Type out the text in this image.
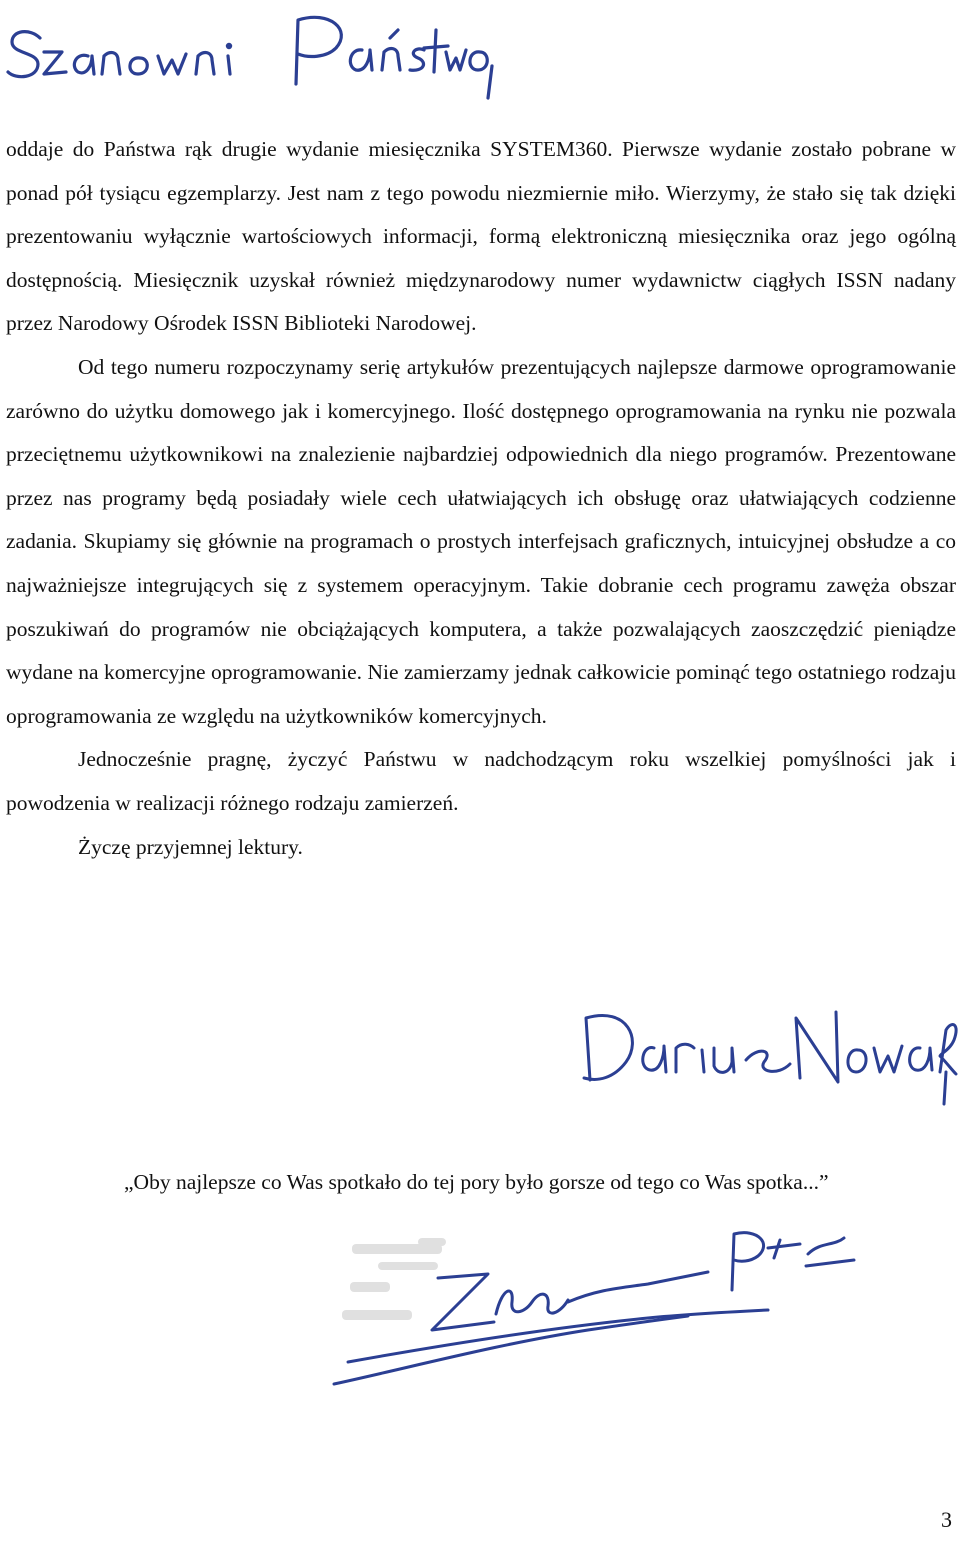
oddaje do Państwa rąk drugie wydanie miesięcznika SYSTEM360. Pierwsze wydanie zostało pobrane w ponad pół tysiącu egzemplarzy. Jest nam z tego powodu niezmiernie miło. Wierzymy, że stało się tak dzięki prezentowaniu wyłącznie wartościowych informacji, formą elektroniczną miesięcznika oraz jego ogólną dostępnością. Miesięcznik uzyskał również międzynarodowy numer wydawnictw ciągłych ISSN nadany przez Narodowy Ośrodek ISSN Biblioteki Narodowej.

Od tego numeru rozpoczynamy serię artykułów prezentujących najlepsze darmowe oprogramowanie zarówno do użytku domowego jak i komercyjnego. Ilość dostępnego oprogramowania na rynku nie pozwala przeciętnemu użytkownikowi na znalezienie najbardziej odpowiednich dla niego programów. Prezentowane przez nas programy będą posiadały wiele cech ułatwiających ich obsługę oraz ułatwiających codzienne zadania. Skupiamy się głównie na programach o prostych interfejsach graficznych, intuicyjnej obsłudze a co najważniejsze integrujących się z systemem operacyjnym. Takie dobranie cech programu zawęża obszar poszukiwań do programów nie obciążających komputera, a także pozwalających zaoszczędzić pieniądze wydane na komercyjne oprogramowanie. Nie zamierzamy jednak całkowicie pominąć tego ostatniego rodzaju oprogramowania ze względu na użytkowników komercyjnych.

Jednocześnie pragnę, życzyć Państwu w nadchodzącym roku wszelkiej pomyślności jak i powodzenia w realizacji różnego rodzaju zamierzeń.

Życzę przyjemnej lektury.

„Oby najlepsze co Was spotkało do tej pory było gorsze od tego co Was spotka...”
3
